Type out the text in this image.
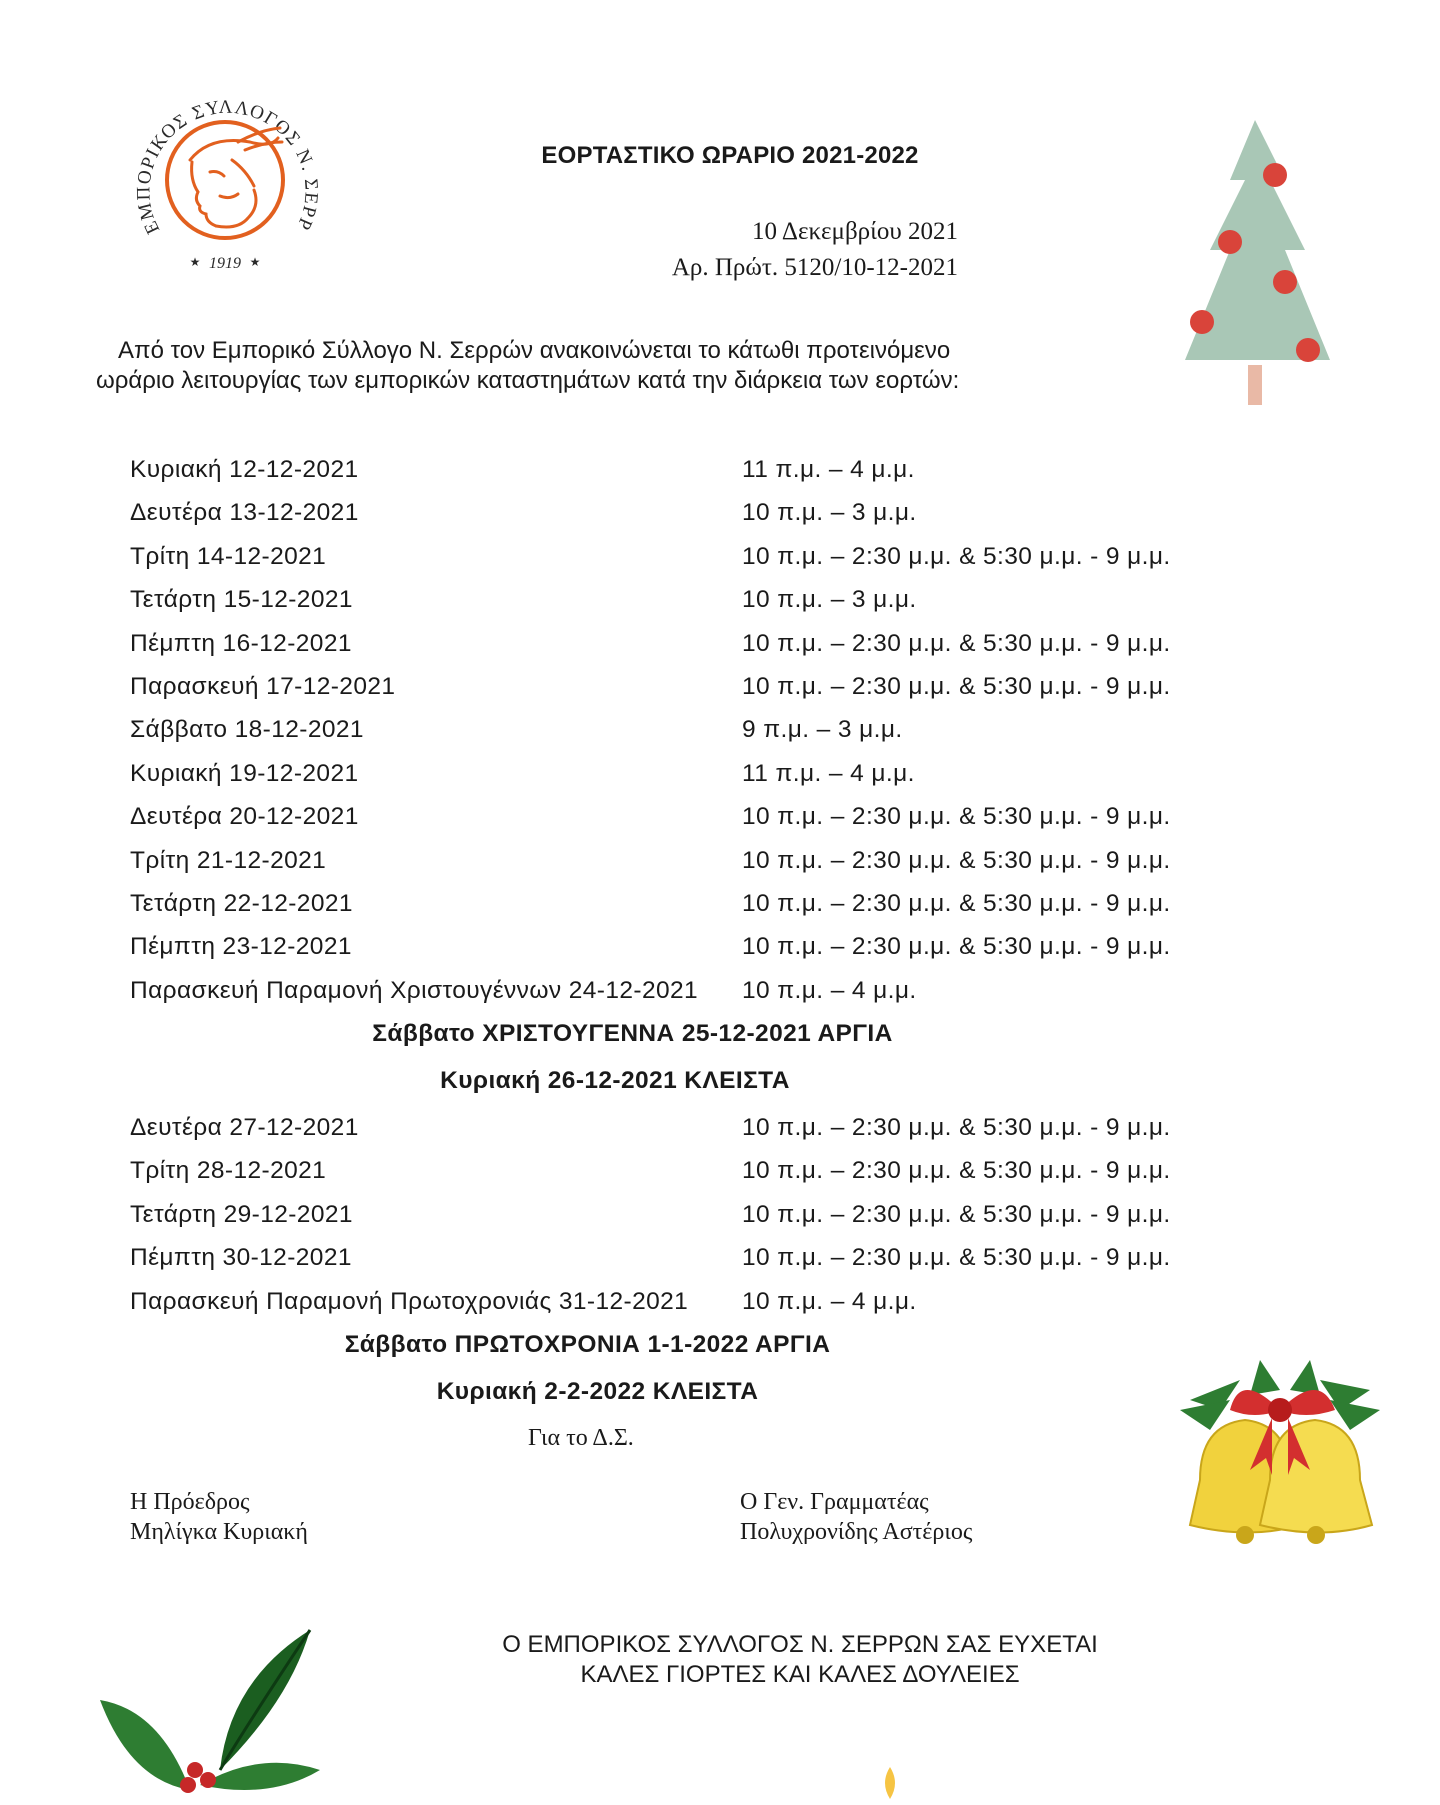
ΕΜΠΟΡΙΚΟΣ ΣΥΛΛΟΓΟΣ Ν. ΣΕΡΡ
1919
★	★
ΕΟΡΤΑΣΤΙΚΟ ΩΡΑΡΙΟ 2021-2022
10 Δεκεμβρίου 2021
Αρ. Πρώτ. 5120/10-12-2021
Από τον Εμπορικό Σύλλογο Ν. Σερρών ανακοινώνεται το κάτωθι προτεινόμενο
ωράριο λειτουργίας των εμπορικών καταστημάτων κατά την διάρκεια των εορτών:
Κυριακή 12-12-2021	11 π.μ. – 4 μ.μ.
Δευτέρα 13-12-2021	10 π.μ. – 3 μ.μ.
Τρίτη 14-12-2021	10 π.μ. – 2:30 μ.μ. & 5:30 μ.μ. - 9 μ.μ.
Τετάρτη 15-12-2021	10 π.μ. – 3 μ.μ.
Πέμπτη 16-12-2021	10 π.μ. – 2:30 μ.μ. & 5:30 μ.μ. - 9 μ.μ.
Παρασκευή 17-12-2021	10 π.μ. – 2:30 μ.μ. & 5:30 μ.μ. - 9 μ.μ.
Σάββατο 18-12-2021	9 π.μ. – 3 μ.μ.
Κυριακή 19-12-2021	11 π.μ. – 4 μ.μ.
Δευτέρα 20-12-2021	10 π.μ. – 2:30 μ.μ. & 5:30 μ.μ. - 9 μ.μ.
Τρίτη 21-12-2021	10 π.μ. – 2:30 μ.μ. & 5:30 μ.μ. - 9 μ.μ.
Τετάρτη 22-12-2021	10 π.μ. – 2:30 μ.μ. & 5:30 μ.μ. - 9 μ.μ.
Πέμπτη 23-12-2021	10 π.μ. – 2:30 μ.μ. & 5:30 μ.μ. - 9 μ.μ.
Παρασκευή Παραμονή Χριστουγέννων 24-12-2021 10 π.μ. – 4 μ.μ.
Σάββατο ΧΡΙΣΤΟΥΓΕΝΝΑ 25-12-2021 ΑΡΓΙΑ
Κυριακή 26-12-2021 ΚΛΕΙΣΤΑ
Δευτέρα 27-12-2021	10 π.μ. – 2:30 μ.μ. & 5:30 μ.μ. - 9 μ.μ.
Τρίτη 28-12-2021	10 π.μ. – 2:30 μ.μ. & 5:30 μ.μ. - 9 μ.μ.
Τετάρτη 29-12-2021	10 π.μ. – 2:30 μ.μ. & 5:30 μ.μ. - 9 μ.μ.
Πέμπτη 30-12-2021	10 π.μ. – 2:30 μ.μ. & 5:30 μ.μ. - 9 μ.μ.
Παρασκευή Παραμονή Πρωτοχρονιάς 31-12-2021 10 π.μ. – 4 μ.μ.
Σάββατο ΠΡΩΤΟΧΡΟΝΙΑ 1-1-2022 ΑΡΓΙΑ
Κυριακή 2-2-2022 ΚΛΕΙΣΤΑ
Για το Δ.Σ.
Η Πρόεδρος
Μηλίγκα Κυριακή
Ο Γεν. Γραμματέας
Πολυχρονίδης Αστέριος
Ο ΕΜΠΟΡΙΚΟΣ ΣΥΛΛΟΓΟΣ Ν. ΣΕΡΡΩΝ ΣΑΣ ΕΥΧΕΤΑΙ
ΚΑΛΕΣ ΓΙΟΡΤΕΣ ΚΑΙ ΚΑΛΕΣ ΔΟΥΛΕΙΕΣ
